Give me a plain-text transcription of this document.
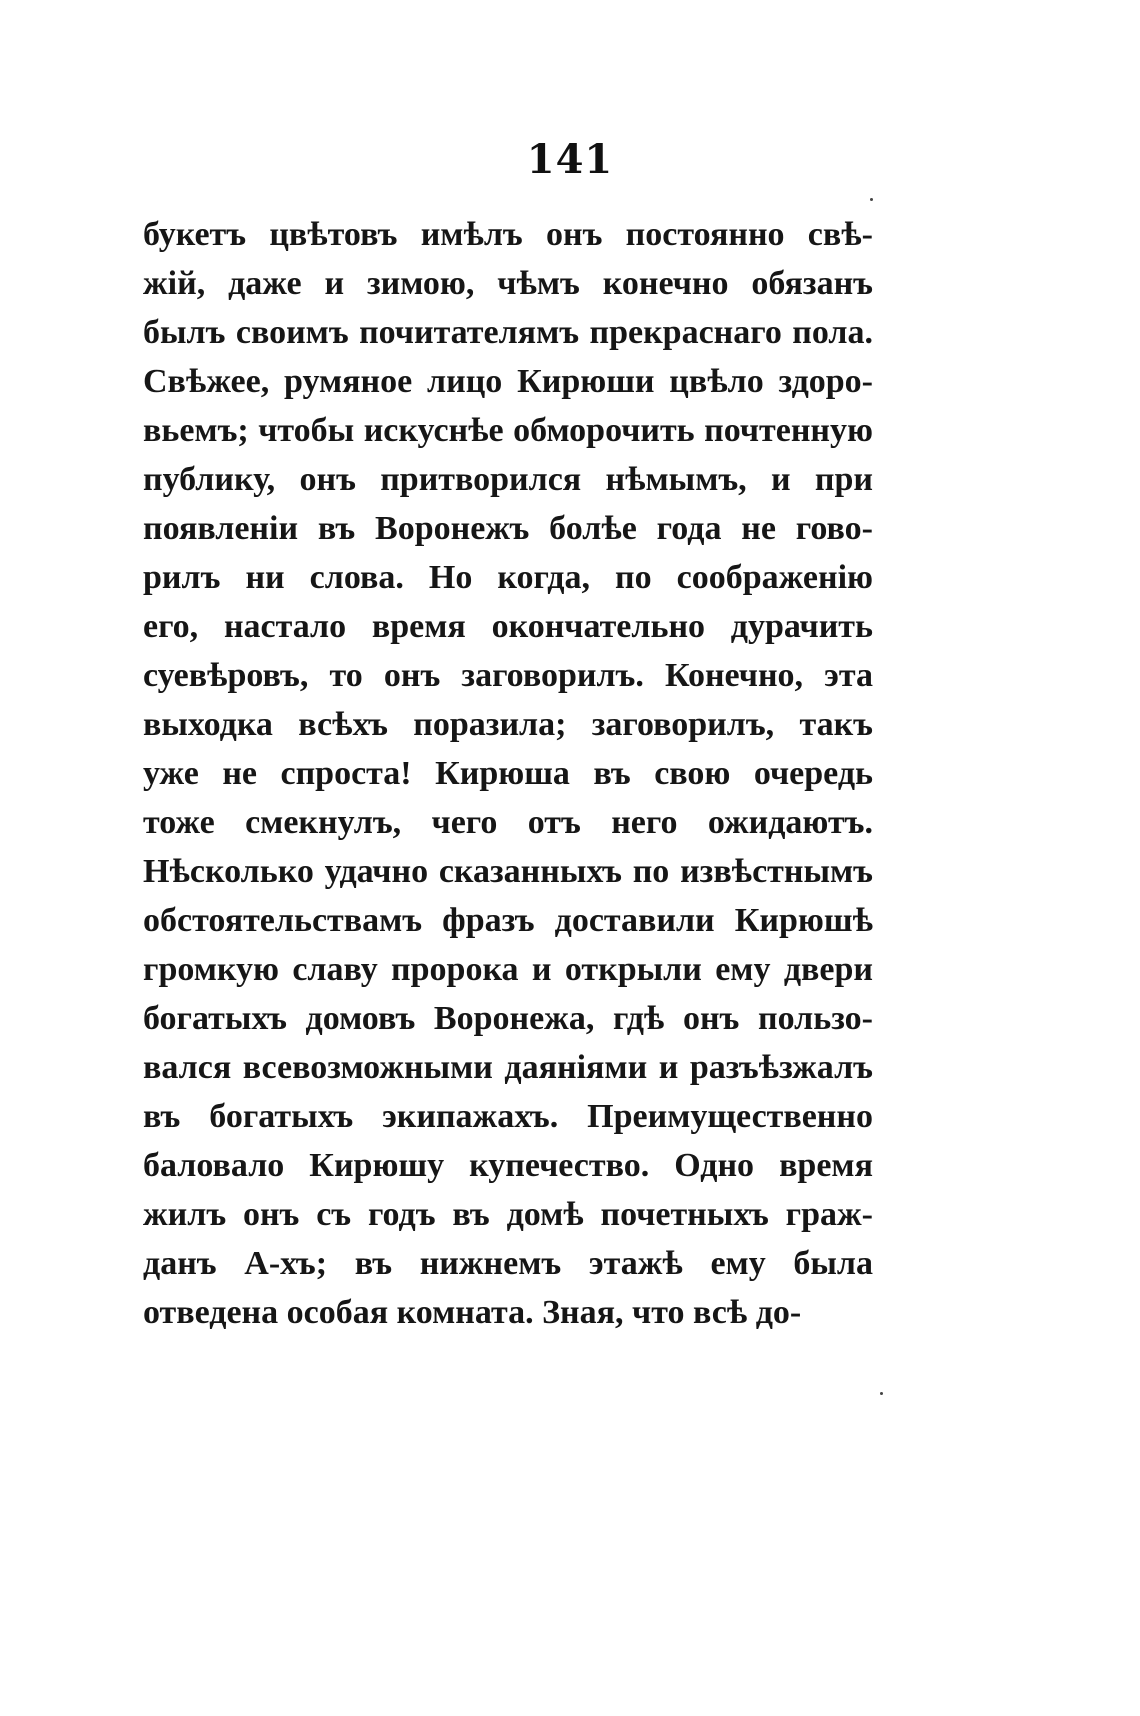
141
букетъ цвѣтовъ имѣлъ онъ постоянно свѣ-
жій, даже и зимою, чѣмъ конечно обязанъ
былъ своимъ почитателямъ прекраснаго пола.
Свѣжее, румяное лицо Кирюши цвѣло здоро-
вьемъ; чтобы искуснѣе обморочить почтенную
публику, онъ притворился нѣмымъ, и при
появленіи въ Воронежъ болѣе года не гово-
рилъ ни слова. Но когда, по соображенію
его, настало время окончательно дурачить
суевѣровъ, то онъ заговорилъ. Конечно, эта
выходка всѣхъ поразила; заговорилъ, такъ
уже не спроста! Кирюша въ свою очередь
тоже смекнулъ, чего отъ него ожидаютъ.
Нѣсколько удачно сказанныхъ по извѣстнымъ
обстоятельствамъ фразъ доставили Кирюшѣ
громкую славу пророка и открыли ему двери
богатыхъ домовъ Воронежа, гдѣ онъ пользо-
вался всевозможными даяніями и разъѣзжалъ
въ богатыхъ экипажахъ. Преимущественно
баловало Кирюшу купечество. Одно время
жилъ онъ съ годъ въ домѣ почетныхъ граж-
данъ А-хъ; въ нижнемъ этажѣ ему была
отведена особая комната. Зная, что всѣ до-
